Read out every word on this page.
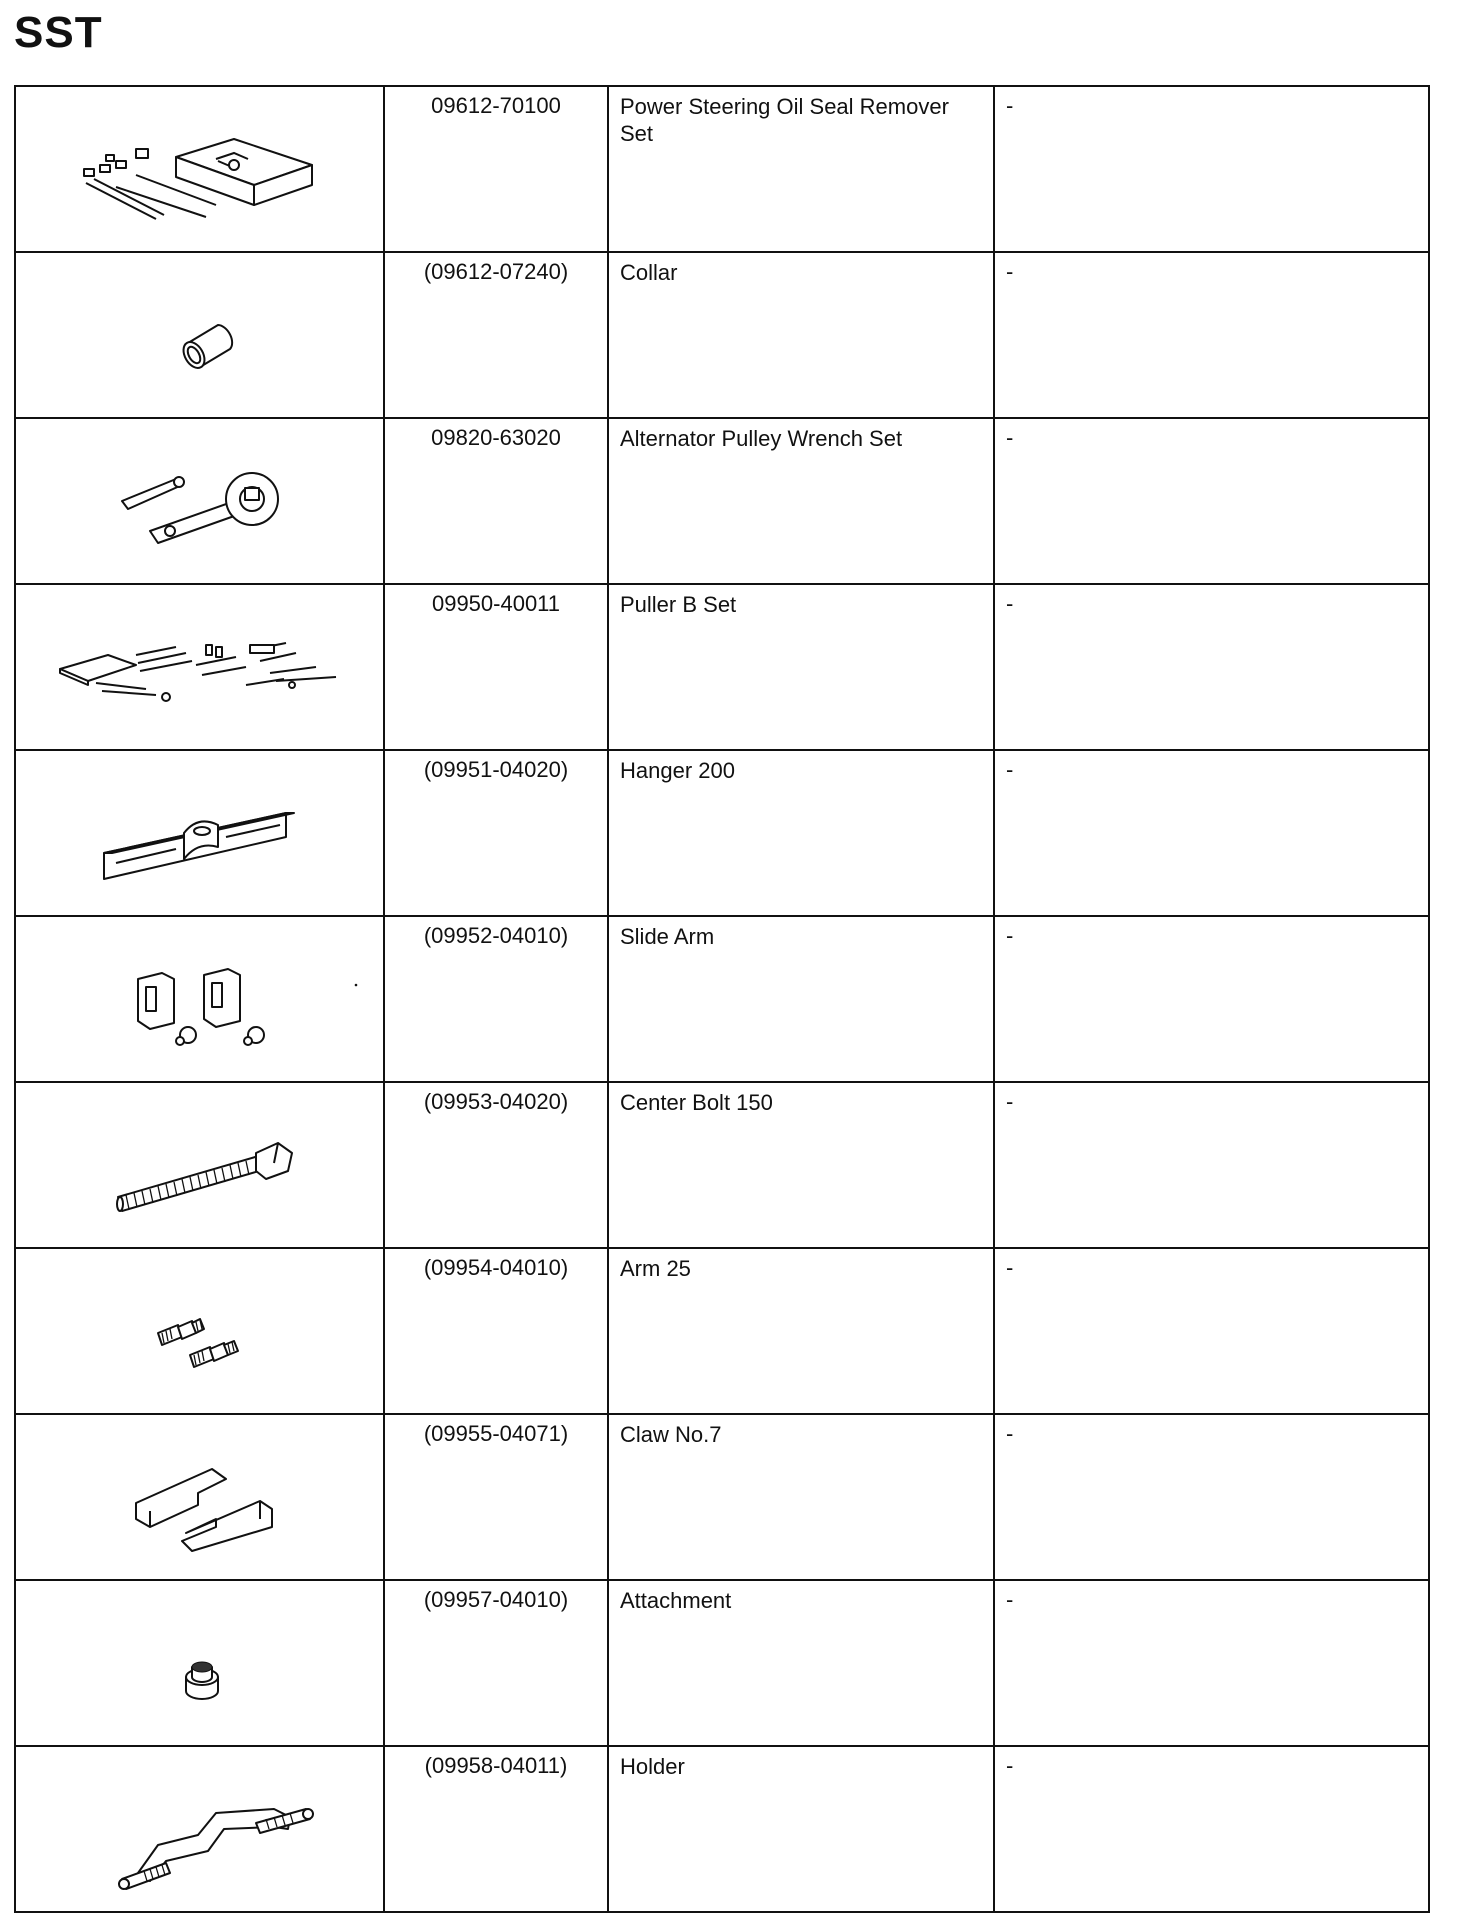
SST
	09612-70100	Power Steering Oil Seal Remover Set	-

	(09612-07240)	Collar	-

	09820-63020	Alternator Pulley Wrench Set	-

	09950-40011	Puller B Set	-

	(09951-04020)	Hanger 200	-

	(09952-04010)	Slide Arm	-

	(09953-04020)	Center Bolt 150	-

	(09954-04010)	Arm 25	-

	(09955-04071)	Claw No.7	-

	(09957-04010)	Attachment	-

	(09958-04011)	Holder	-
